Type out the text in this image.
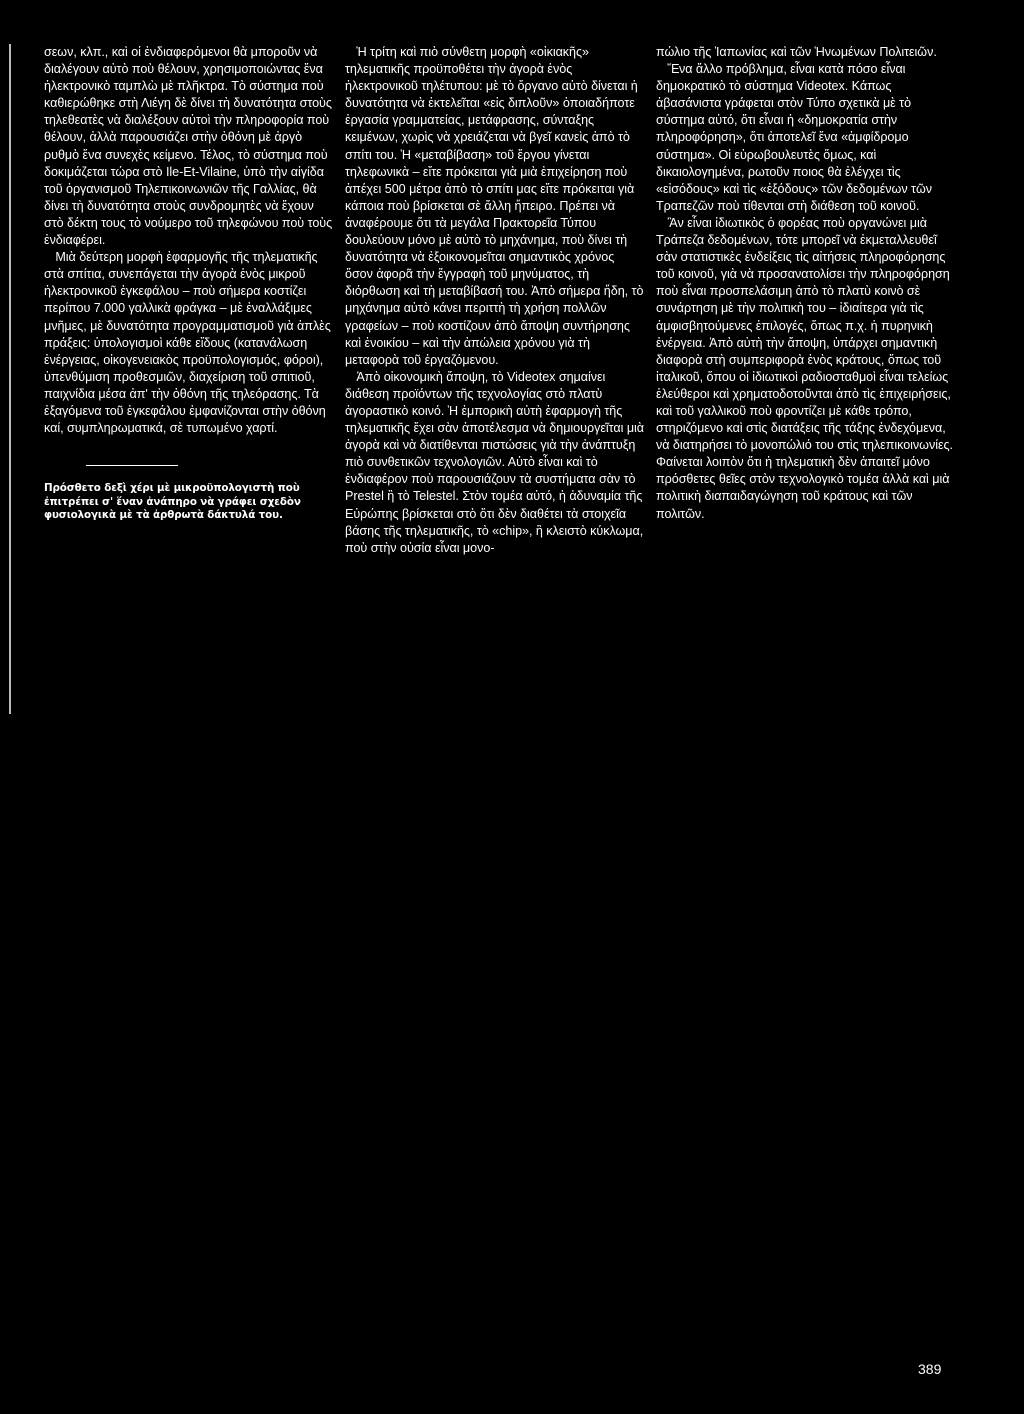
σεων, κλπ., καὶ οἱ ἐνδιαφερόμενοι θὰ μποροῦν νὰ διαλέγουν αὐτὸ ποὺ θέλουν, χρησιμοποιώντας ἕνα ἠλεκτρονικὸ ταμπλὼ μὲ πλῆκτρα. Τὸ σύστημα ποὺ καθιερώθηκε στὴ Λιέγη δὲ δίνει τὴ δυνατότητα στοὺς τηλεθεατὲς νὰ διαλέξουν αὐτοὶ τὴν πληροφορία ποὺ θέλουν, ἀλλὰ παρουσιάζει στὴν ὀθόνη μὲ ἀργὸ ρυθμὸ ἕνα συνεχὲς κείμενο. Τέλος, τὸ σύστημα ποὺ δοκιμάζεται τώρα στὸ Ile-Et-Vilaine, ὑπὸ τὴν αἰγίδα τοῦ ὀργανισμοῦ Τηλεπικοινωνιῶν τῆς Γαλλίας, θὰ δίνει τὴ δυνατότητα στοὺς συνδρομητὲς νὰ ἔχουν στὸ δέκτη τους τὸ νούμερο τοῦ τηλεφώνου ποὺ τοὺς ἐνδιαφέρει.

Μιὰ δεύτερη μορφὴ ἐφαρμογῆς τῆς τηλεματικῆς στὰ σπίτια, συνεπάγεται τὴν ἀγορὰ ἑνὸς μικροῦ ἠλεκτρονικοῦ ἐγκεφάλου – ποὺ σήμερα κοστίζει περίπου 7.000 γαλλικὰ φράγκα – μὲ ἐναλλάξιμες μνῆμες, μὲ δυνατότητα προγραμματισμοῦ γιὰ ἁπλὲς πράξεις: ὑπολογισμοὶ κάθε εἴδους (κατανάλωση ἐνέργειας, οἰκογενειακὸς προϋπολογισμός, φόροι), ὑπενθύμιση προθεσμιῶν, διαχείριση τοῦ σπιτιοῦ, παιχνίδια μέσα ἀπ' τὴν ὀθόνη τῆς τηλεόρασης. Τὰ ἐξαγόμενα τοῦ ἐγκεφάλου ἐμφανίζονται στὴν ὀθόνη καί, συμπληρωματικά, σὲ τυπωμένο χαρτί.

Πρόσθετο δεξὶ χέρι μὲ μικροϋπολογιστὴ ποὺ ἐπιτρέπει σ' ἕναν ἀνάπηρο νὰ γράφει σχεδὸν φυσιολογικὰ μὲ τὰ ἀρθρωτὰ δάκτυλά του.

Ἡ τρίτη καὶ πιὸ σύνθετη μορφὴ «οἰκιακῆς» τηλεματικῆς προϋποθέτει τὴν ἀγορὰ ἑνὸς ἠλεκτρονικοῦ τηλέτυπου: μὲ τὸ ὄργανο αὐτὸ δίνεται ἡ δυνατότητα νὰ ἐκτελεῖται «εἰς διπλοῦν» ὁποιαδήποτε ἐργασία γραμματείας, μετάφρασης, σύνταξης κειμένων, χωρὶς νὰ χρειάζεται νὰ βγεῖ κανεὶς ἀπὸ τὸ σπίτι του. Ἡ «μεταβίβαση» τοῦ ἔργου γίνεται τηλεφωνικὰ – εἴτε πρόκειται γιὰ μιὰ ἐπιχείρηση ποὺ ἀπέχει 500 μέτρα ἀπὸ τὸ σπίτι μας εἴτε πρόκειται γιὰ κάποια ποὺ βρίσκεται σὲ ἄλλη ἤπειρο. Πρέπει νὰ ἀναφέρουμε ὅτι τὰ μεγάλα Πρακτορεῖα Τύπου δουλεύουν μόνο μὲ αὐτὸ τὸ μηχάνημα, ποὺ δίνει τὴ δυνατότητα νὰ ἐξοικονομεῖται σημαντικὸς χρόνος ὅσον ἀφορᾶ τὴν ἔγγραφὴ τοῦ μηνύματος, τὴ διόρθωση καὶ τὴ μεταβίβασή του. Ἀπὸ σήμερα ἤδη, τὸ μηχάνημα αὐτὸ κάνει περιττὴ τὴ χρήση πολλῶν γραφείων – ποὺ κοστίζουν ἀπὸ ἄποψη συντήρησης καὶ ἐνοικίου – καὶ τὴν ἀπώλεια χρόνου γιὰ τὴ μεταφορὰ τοῦ ἐργαζόμενου.

Ἀπὸ οἰκονομικὴ ἄποψη, τὸ Videotex σημαίνει διάθεση προϊόντων τῆς τεχνολογίας στὸ πλατὺ ἀγοραστικὸ κοινό. Ἡ ἐμπορικὴ αὐτὴ ἐφαρμογὴ τῆς τηλεματικῆς ἔχει σὰν ἀποτέλεσμα νὰ δημιουργεῖται μιὰ ἀγορὰ καὶ νὰ διατίθενται πιστώσεις γιὰ τὴν ἀνάπτυξη πιὸ συνθετικῶν τεχνολογιῶν. Αὐτὸ εἶναι καὶ τὸ ἐνδιαφέρον ποὺ παρουσιάζουν τὰ συστήματα σὰν τὸ Prestel ἢ τὸ Telestel. Στὸν τομέα αὐτό, ἡ ἀδυναμία τῆς Εὐρώπης βρίσκεται στὸ ὅτι δὲν διαθέτει τὰ στοιχεῖα βάσης τῆς τηλεματικῆς, τὸ «chip», ἢ κλειστὸ κύκλωμα, ποὺ στὴν οὐσία εἶναι μονο-

πώλιο τῆς Ἰαπωνίας καὶ τῶν Ἡνωμένων Πολιτειῶν.

Ἕνα ἄλλο πρόβλημα, εἶναι κατὰ πόσο εἶναι δημοκρατικὸ τὸ σύστημα Videotex. Κάπως ἀβασάνιστα γράφεται στὸν Τύπο σχετικὰ μὲ τὸ σύστημα αὐτό, ὅτι εἶναι ἡ «δημοκρατία στὴν πληροφόρηση», ὅτι ἀποτελεῖ ἕνα «ἀμφίδρομο σύστημα». Οἱ εὐρωβουλευτὲς ὅμως, καὶ δικαιολογημένα, ρωτοῦν ποιος θὰ ἐλέγχει τὶς «εἰσόδους» καὶ τὶς «ἐξόδους» τῶν δεδομένων τῶν Τραπεζῶν ποὺ τίθενται στὴ διάθεση τοῦ κοινοῦ.

Ἂν εἶναι ἰδιωτικὸς ὁ φορέας ποὺ οργανώνει μιὰ Τράπεζα δεδομένων, τότε μπορεῖ νὰ ἐκμεταλλευθεῖ σὰν στατιστικὲς ἐνδείξεις τὶς αἰτήσεις πληροφόρησης τοῦ κοινοῦ, γιὰ νὰ προσανατολίσει τὴν πληροφόρηση ποὺ εἶναι προσπελάσιμη ἀπὸ τὸ πλατὺ κοινὸ σὲ συνάρτηση μὲ τὴν πολιτικὴ του – ἰδιαίτερα γιὰ τὶς ἀμφισβητούμενες ἐπιλογές, ὅπως π.χ. ἡ πυρηνικὴ ἐνέργεια. Ἀπὸ αὐτὴ τὴν ἄποψη, ὑπάρχει σημαντικὴ διαφορὰ στὴ συμπεριφορὰ ἑνὸς κράτους, ὅπως τοῦ ἰταλικοῦ, ὅπου οἱ ἰδιωτικοὶ ραδιοσταθμοὶ εἶναι τελείως ἐλεύθεροι καὶ χρηματοδοτοῦνται ἀπὸ τὶς ἐπιχειρήσεις, καὶ τοῦ γαλλικοῦ ποὺ φροντίζει μὲ κάθε τρόπο, στηριζόμενο καὶ στὶς διατάξεις τῆς τάξης ἐνδεχόμενα, νὰ διατηρήσει τὸ μονοπώλιό του στὶς τηλεπικοινωνίες. Φαίνεται λοιπὸν ὅτι ἡ τηλεματικὴ δὲν ἀπαιτεῖ μόνο πρόσθετες θεῖες στὸν τεχνολογικὸ τομέα ἀλλὰ καὶ μιὰ πολιτικὴ διαπαιδαγώγηση τοῦ κράτους καὶ τῶν πολιτῶν.

389
